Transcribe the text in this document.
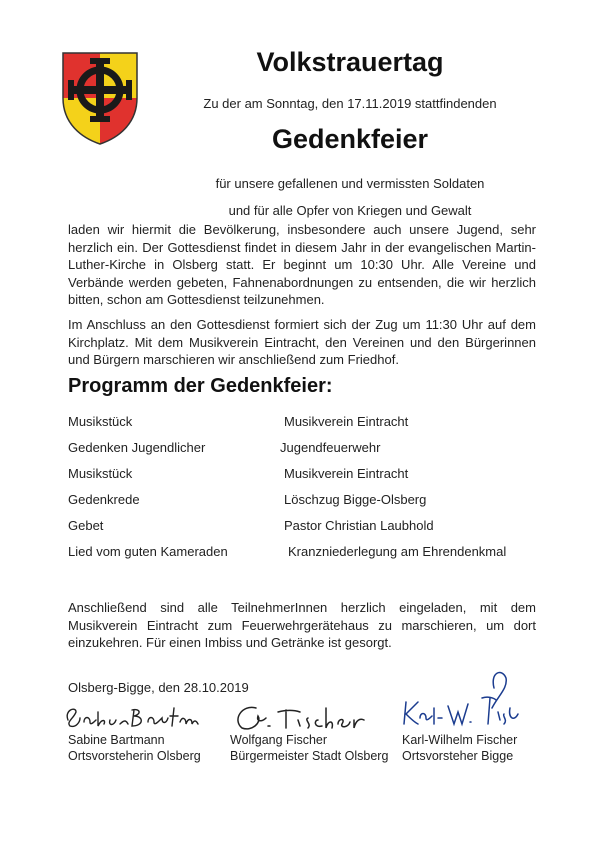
Volkstrauertag
Zu der am Sonntag, den 17.11.2019 stattfindenden
Gedenkfeier
für unsere gefallenen und vermissten Soldaten
und für alle Opfer von Kriegen und Gewalt
laden wir hiermit die Bevölkerung, insbesondere auch unsere Jugend, sehr herzlich ein. Der Gottesdienst findet in diesem Jahr in der evangelischen Martin-Luther-Kirche in Olsberg statt. Er beginnt um 10:30 Uhr. Alle Vereine und Verbände werden gebeten, Fahnenabordnungen zu entsenden, die wir herzlich bitten, schon am Gottesdienst teilzunehmen.
Im Anschluss an den Gottesdienst formiert sich der Zug um 11:30 Uhr auf dem Kirchplatz. Mit dem Musikverein Eintracht, den Vereinen und den Bürgerinnen und Bürgern marschieren wir anschließend zum Friedhof.
Programm der Gedenkfeier:
Musikstück	Musikverein Eintracht
Gedenken Jugendlicher	Jugendfeuerwehr
Musikstück	Musikverein Eintracht
Gedenkrede	Löschzug Bigge-Olsberg
Gebet	Pastor Christian Laubhold
Lied vom guten Kameraden	Kranzniederlegung am Ehrendenkmal
Anschließend sind alle TeilnehmerInnen herzlich eingeladen, mit dem Musikverein Eintracht zum Feuerwehrgerätehaus zu marschieren, um dort einzukehren. Für einen Imbiss und Getränke ist gesorgt.
Olsberg-Bigge, den 28.10.2019
Sabine Bartmann
Ortsvorsteherin Olsberg
Wolfgang Fischer
Bürgermeister Stadt Olsberg
Karl-Wilhelm Fischer
Ortsvorsteher Bigge
